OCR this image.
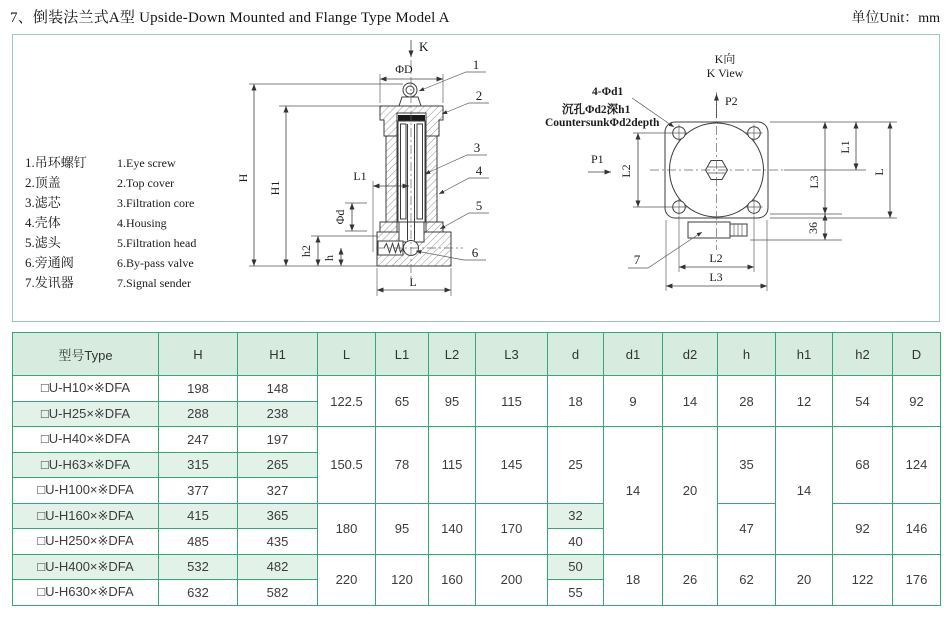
7、倒装法兰式A型 Upside-Down Mounted and Flange Type Model A	单位Unit：mm
1.吊环螺钉	1.Eye screw
2.顶盖	2.Top cover
3.滤芯	3.Filtration core
4.壳体	4.Housing
5.滤头	5.Filtration head
6.旁通阀	6.By-pass valve
7.发讯器	7.Signal sender
K
ΦD
H
H1
L1
Φd
h2
h
L
1
2
3
4
5
6
K向
K View
P2
P1
4-Φd1
沉孔Φd2深h1
CountersunkΦd2depth
L2
L1
L3
36
L
L2
L3
7
型号Type	H	H1	L	L1	L2	L3	d	d1	d2	h	h1	h2	D
□U-H10×※DFA	198	148	122.5	65	95	115	18	9	14	28	12	54	92
□U-H25×※DFA	288	238											
□U-H40×※DFA	247	197	150.5	78	115	145	25	14	20	35	14	68	124
□U-H63×※DFA	315	265											
□U-H100×※DFA	377	327											
□U-H160×※DFA	415	365	180	95	140	170	32			47		92	146
□U-H250×※DFA	485	435					40						
□U-H400×※DFA	532	482	220	120	160	200	50	18	26	62	20	122	176
□U-H630×※DFA	632	582					55						
